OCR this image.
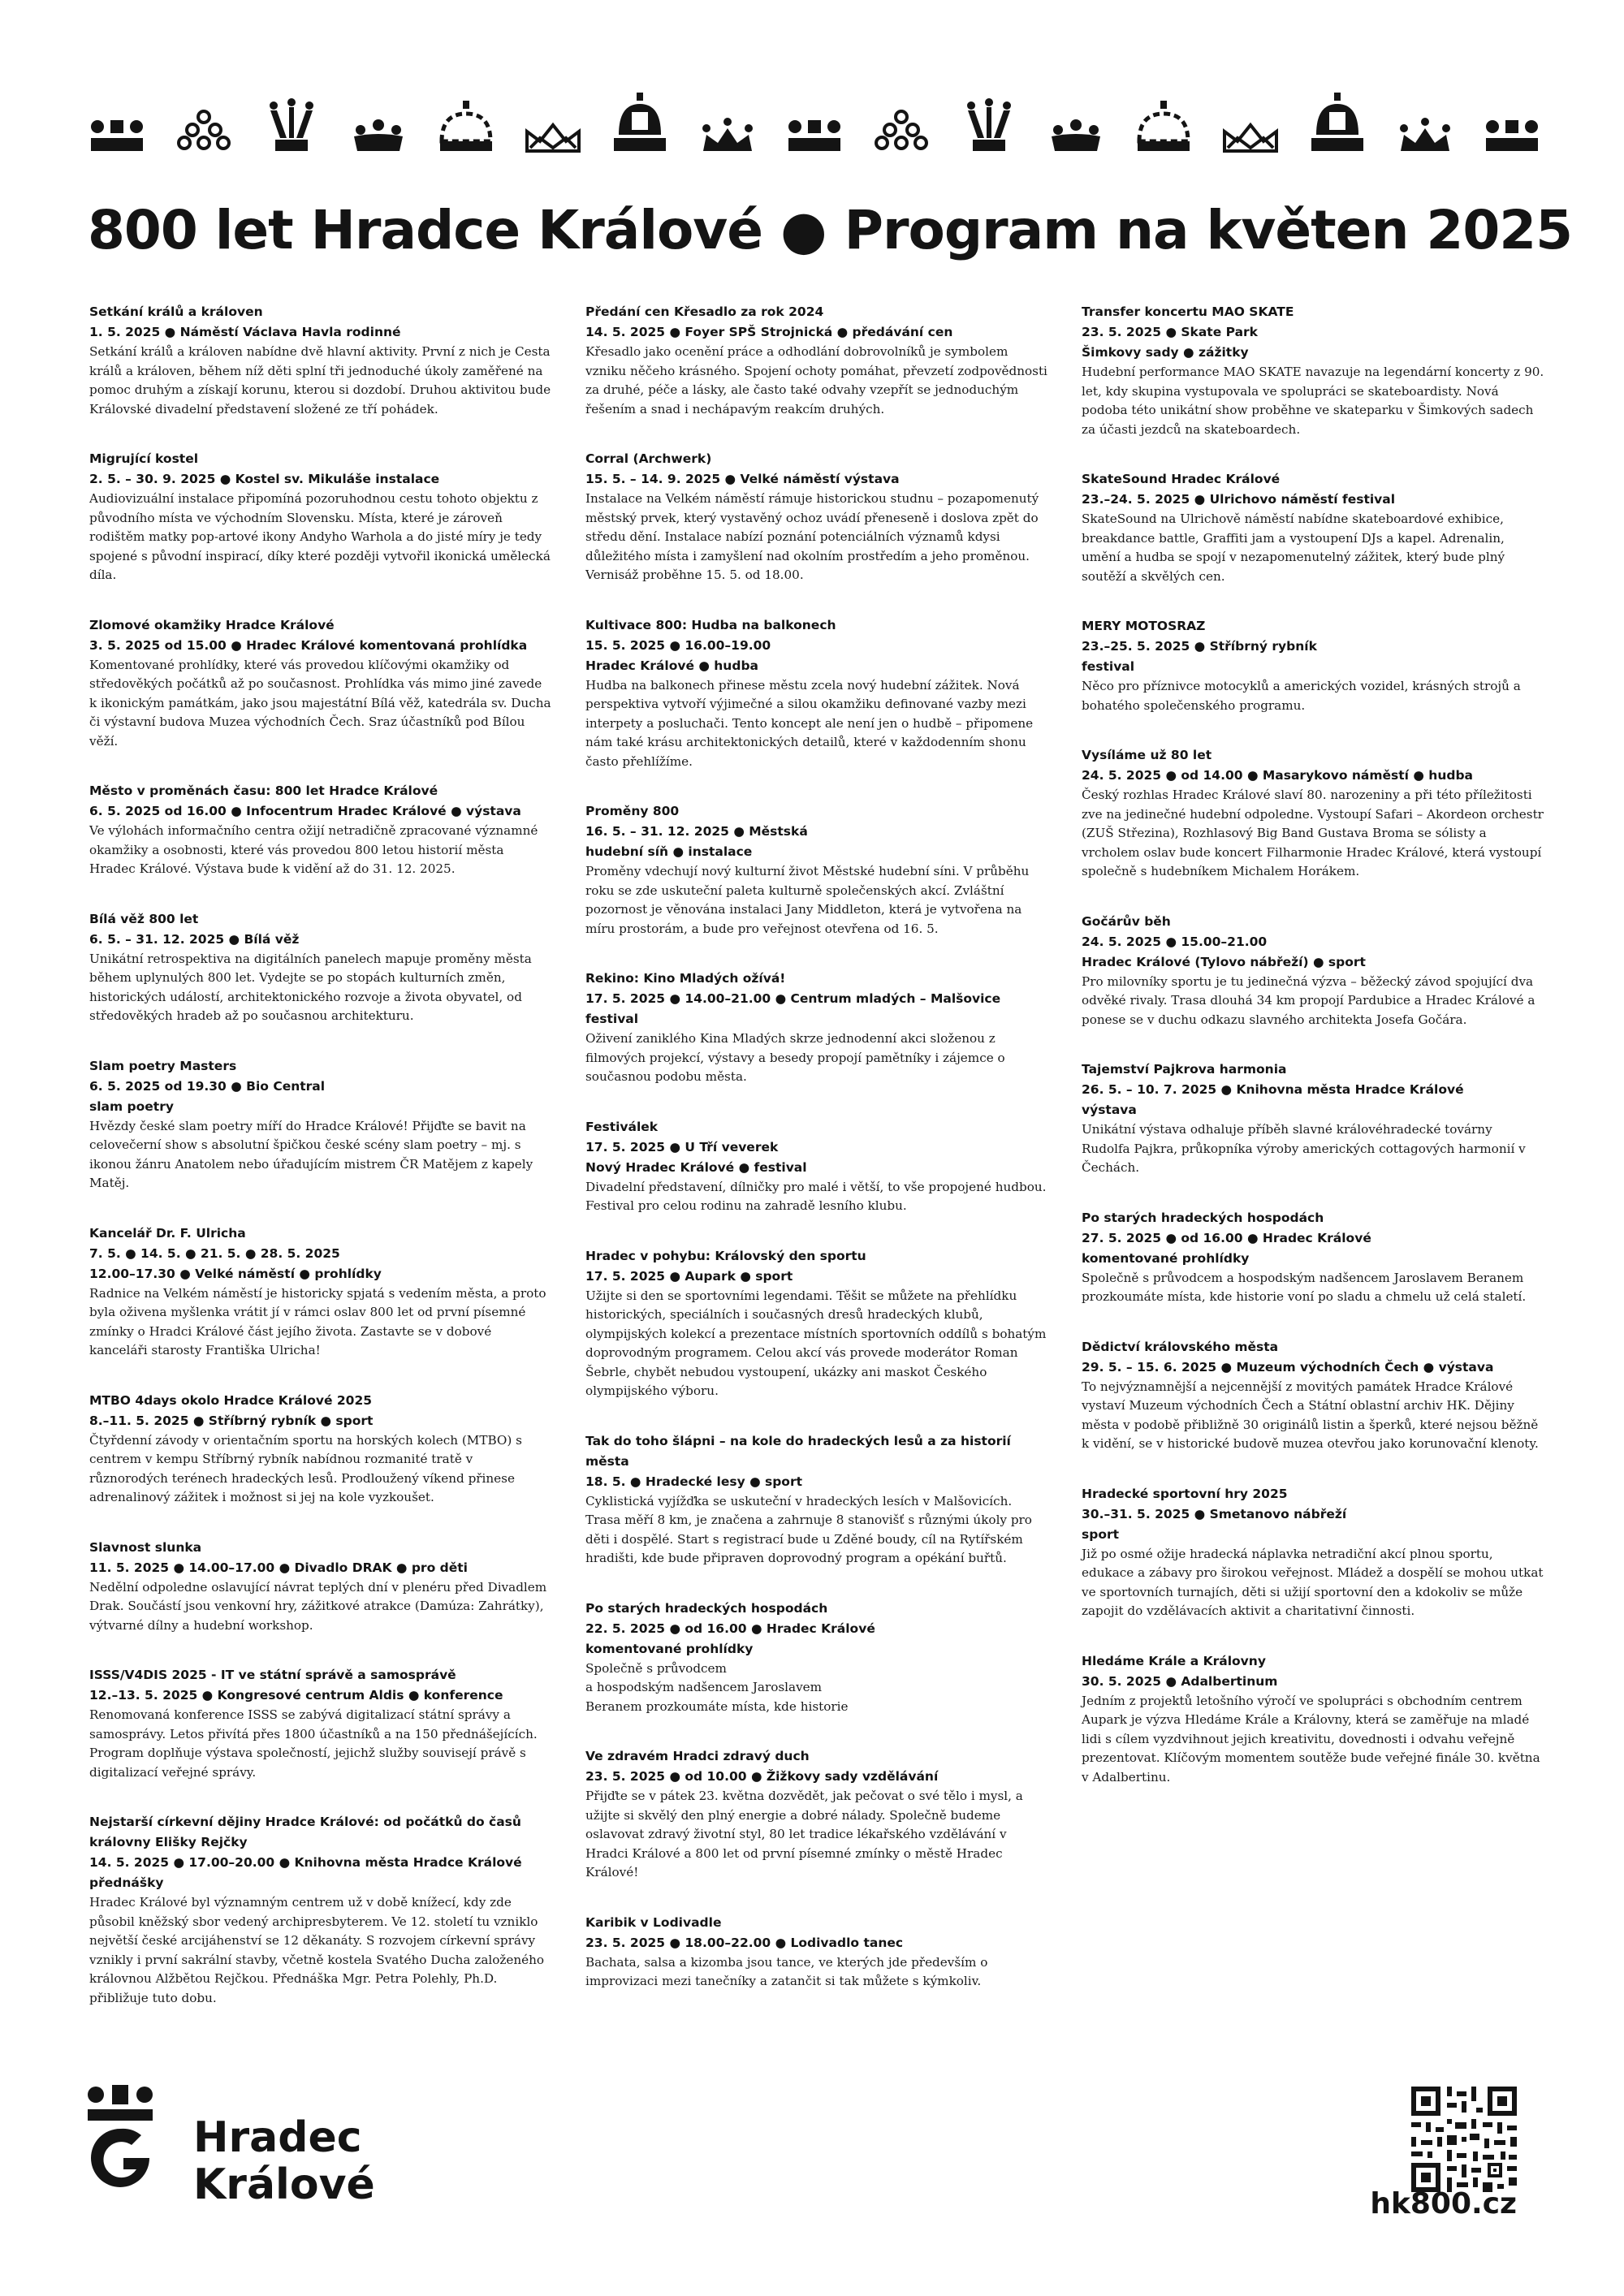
800 let Hradce Králové ● Program na květen 2025
Setkání králů a královen
1. 5. 2025 ● Náměstí Václava Havla rodinné
Setkání králů a královen nabídne dvě hlavní aktivity. První z nich je Cesta králů a královen, během níž děti splní tři jednoduché úkoly zaměřené na pomoc druhým a získají korunu, kterou si dozdobí. Druhou aktivitou bude Královské divadelní představení složené ze tří pohádek.
Migrující kostel
2. 5. – 30. 9. 2025 ● Kostel sv. Mikuláše instalace
Audiovizuální instalace připomíná pozoruhodnou cestu tohoto objektu z původního místa ve východním Slovensku. Místa, které je zároveň rodištěm matky pop-artové ikony Andyho Warhola a do jisté míry je tedy spojené s původní inspirací, díky které později vytvořil ikonická umělecká díla.
Zlomové okamžiky Hradce Králové
3. 5. 2025 od 15.00 ● Hradec Králové komentovaná prohlídka
Komentované prohlídky, které vás provedou klíčovými okamžiky od středověkých počátků až po současnost. Prohlídka vás mimo jiné zavede k ikonickým památkám, jako jsou majestátní Bílá věž, katedrála sv. Ducha či výstavní budova Muzea východních Čech. Sraz účastníků pod Bílou věží.
Město v proměnách času: 800 let Hradce Králové
6. 5. 2025 od 16.00 ● Infocentrum Hradec Králové ● výstava
Ve výlohách informačního centra ožijí netradičně zpracované významné okamžiky a osobnosti, které vás provedou 800 letou historií města Hradec Králové. Výstava bude k vidění až do 31. 12. 2025.
Bílá věž 800 let
6. 5. – 31. 12. 2025 ● Bílá věž
Unikátní retrospektiva na digitálních panelech mapuje proměny města během uplynulých 800 let. Vydejte se po stopách kulturních změn, historických událostí, architektonického rozvoje a života obyvatel, od středověkých hradeb až po současnou architekturu.
Slam poetry Masters
6. 5. 2025 od 19.30 ● Bio Central
slam poetry
Hvězdy české slam poetry míří do Hradce Králové! Přijďte se bavit na celovečerní show s absolutní špičkou české scény slam poetry – mj. s ikonou žánru Anatolem nebo úřadujícím mistrem ČR Matějem z kapely Matěj.
Kancelář Dr. F. Ulricha
7. 5. ● 14. 5. ● 21. 5. ● 28. 5. 2025
12.00–17.30 ● Velké náměstí ● prohlídky
Radnice na Velkém náměstí je historicky spjatá s vedením města, a proto byla oživena myšlenka vrátit jí v rámci oslav 800 let od první písemné zmínky o Hradci Králové část jejího života. Zastavte se v dobové kanceláři starosty Františka Ulricha!
MTBO 4days okolo Hradce Králové 2025
8.–11. 5. 2025 ● Stříbrný rybník ● sport
Čtyřdenní závody v orientačním sportu na horských kolech (MTBO) s centrem v kempu Stříbrný rybník nabídnou rozmanité tratě v různorodých terénech hradeckých lesů. Prodloužený víkend přinese adrenalinový zážitek i možnost si jej na kole vyzkoušet.
Slavnost slunka
11. 5. 2025 ● 14.00–17.00 ● Divadlo DRAK ● pro děti
Nedělní odpoledne oslavující návrat teplých dní v plenéru před Divadlem Drak. Součástí jsou venkovní hry, zážitkové atrakce (Damúza: Zahrátky), výtvarné dílny a hudební workshop.
ISSS/V4DIS 2025 - IT ve státní správě a samosprávě
12.–13. 5. 2025 ● Kongresové centrum Aldis ● konference
Renomovaná konference ISSS se zabývá digitalizací státní správy a samosprávy. Letos přivítá přes 1800 účastníků a na 150 přednášejících. Program doplňuje výstava společností, jejichž služby souvisejí právě s digitalizací veřejné správy.
Nejstarší církevní dějiny Hradce Králové: od počátků do časů královny Elišky Rejčky
14. 5. 2025 ● 17.00–20.00 ● Knihovna města Hradce Králové
přednášky
Hradec Králové byl významným centrem už v době knížecí, kdy zde působil kněžský sbor vedený archipresbyterem. Ve 12. století tu vzniklo největší české arcijáhenství se 12 děkanáty. S rozvojem církevní správy vznikly i první sakrální stavby, včetně kostela Svatého Ducha založeného královnou Alžbětou Rejčkou. Přednáška Mgr. Petra Polehly, Ph.D. přibližuje tuto dobu.
Předání cen Křesadlo za rok 2024
14. 5. 2025 ● Foyer SPŠ Strojnická ● předávání cen
Křesadlo jako ocenění práce a odhodlání dobrovolníků je symbolem vzniku něčeho krásného. Spojení ochoty pomáhat, převzetí zodpovědnosti za druhé, péče a lásky, ale často také odvahy vzepřít se jednoduchým řešením a snad i nechápavým reakcím druhých.
Corral (Archwerk)
15. 5. – 14. 9. 2025 ● Velké náměstí výstava
Instalace na Velkém náměstí rámuje historickou studnu – pozapomenutý městský prvek, který vystavěný ochoz uvádí přeneseně i doslova zpět do středu dění. Instalace nabízí poznání potenciálních významů kdysi důležitého místa i zamyšlení nad okolním prostředím a jeho proměnou. Vernisáž proběhne 15. 5. od 18.00.
Kultivace 800: Hudba na balkonech
15. 5. 2025 ● 16.00–19.00
Hradec Králové ● hudba
Hudba na balkonech přinese městu zcela nový hudební zážitek. Nová perspektiva vytvoří výjimečné a silou okamžiku definované vazby mezi interpety a posluchači. Tento koncept ale není jen o hudbě – připomene nám také krásu architektonických detailů, které v každodenním shonu často přehlížíme.
Proměny 800
16. 5. – 31. 12. 2025 ● Městská
hudební síň ● instalace
Proměny vdechují nový kulturní život Městské hudební síni. V průběhu roku se zde uskuteční paleta kulturně společenských akcí. Zvláštní pozornost je věnována instalaci Jany Middleton, která je vytvořena na míru prostorám, a bude pro veřejnost otevřena od 16. 5.
Rekino: Kino Mladých ožívá!
17. 5. 2025 ● 14.00–21.00 ● Centrum mladých – Malšovice
festival
Oživení zaniklého Kina Mladých skrze jednodenní akci složenou z filmových projekcí, výstavy a besedy propojí pamětníky i zájemce o současnou podobu města.
Festiválek
17. 5. 2025 ● U Tří veverek
Nový Hradec Králové ● festival
Divadelní představení, dílničky pro malé i větší, to vše propojené hudbou. Festival pro celou rodinu na zahradě lesního klubu.
Hradec v pohybu: Královský den sportu
17. 5. 2025 ● Aupark ● sport
Užijte si den se sportovními legendami. Těšit se můžete na přehlídku historických, speciálních i současných dresů hradeckých klubů, olympijských kolekcí a prezentace místních sportovních oddílů s bohatým doprovodným programem. Celou akcí vás provede moderátor Roman Šebrle, chybět nebudou vystoupení, ukázky ani maskot Českého olympijského výboru.
Tak do toho šlápni – na kole do hradeckých lesů a za historií města
18. 5. ● Hradecké lesy ● sport
Cyklistická vyjížďka se uskuteční v hradeckých lesích v Malšovicích. Trasa měří 8 km, je značena a zahrnuje 8 stanovišť s různými úkoly pro děti i dospělé. Start s registrací bude u Zděné boudy, cíl na Rytířském hradišti, kde bude připraven doprovodný program a opékání buřtů.
Po starých hradeckých hospodách
22. 5. 2025 ● od 16.00 ● Hradec Králové
komentované prohlídky
Společně s průvodcem
a hospodským nadšencem Jaroslavem
Beranem prozkoumáte místa, kde historie
Ve zdravém Hradci zdravý duch
23. 5. 2025 ● od 10.00 ● Žižkovy sady vzdělávání
Přijďte se v pátek 23. května dozvědět, jak pečovat o své tělo i mysl, a užijte si skvělý den plný energie a dobré nálady. Společně budeme oslavovat zdravý životní styl, 80 let tradice lékařského vzdělávání v Hradci Králové a 800 let od první písemné zmínky o městě Hradec Králové!
Karibik v Lodivadle
23. 5. 2025 ● 18.00–22.00 ● Lodivadlo tanec
Bachata, salsa a kizomba jsou tance, ve kterých jde především o improvizaci mezi tanečníky a zatančit si tak můžete s kýmkoliv.
Transfer koncertu MAO SKATE
23. 5. 2025 ● Skate Park
Šimkovy sady ● zážitky
Hudební performance MAO SKATE navazuje na legendární koncerty z 90. let, kdy skupina vystupovala ve spolupráci se skateboardisty. Nová podoba této unikátní show proběhne ve skateparku v Šimkových sadech za účasti jezdců na skateboardech.
SkateSound Hradec Králové
23.–24. 5. 2025 ● Ulrichovo náměstí festival
SkateSound na Ulrichově náměstí nabídne skateboardové exhibice, breakdance battle, Graffiti jam a vystoupení DJs a kapel. Adrenalin, umění a hudba se spojí v nezapomenutelný zážitek, který bude plný soutěží a skvělých cen.
MERY MOTOSRAZ
23.–25. 5. 2025 ● Stříbrný rybník
festival
Něco pro příznivce motocyklů a amerických vozidel, krásných strojů a bohatého společenského programu.
Vysíláme už 80 let
24. 5. 2025 ● od 14.00 ● Masarykovo náměstí ● hudba
Český rozhlas Hradec Králové slaví 80. narozeniny a při této příležitosti zve na jedinečné hudební odpoledne. Vystoupí Safari – Akordeon orchestr (ZUŠ Střezina), Rozhlasový Big Band Gustava Broma se sólisty a vrcholem oslav bude koncert Filharmonie Hradec Králové, která vystoupí společně s hudebníkem Michalem Horákem.
Gočárův běh
24. 5. 2025 ● 15.00–21.00
Hradec Králové (Tylovo nábřeží) ● sport
Pro milovníky sportu je tu jedinečná výzva – běžecký závod spojující dva odvěké rivaly. Trasa dlouhá 34 km propojí Pardubice a Hradec Králové a ponese se v duchu odkazu slavného architekta Josefa Gočára.
Tajemství Pajkrova harmonia
26. 5. – 10. 7. 2025 ● Knihovna města Hradce Králové
výstava
Unikátní výstava odhaluje příběh slavné královéhradecké továrny Rudolfa Pajkra, průkopníka výroby amerických cottagových harmonií v Čechách.
Po starých hradeckých hospodách
27. 5. 2025 ● od 16.00 ● Hradec Králové
komentované prohlídky
Společně s průvodcem a hospodským nadšencem Jaroslavem Beranem prozkoumáte místa, kde historie voní po sladu a chmelu už celá staletí.
Dědictví královského města
29. 5. – 15. 6. 2025 ● Muzeum východních Čech ● výstava
To nejvýznamnější a nejcennější z movitých památek Hradce Králové vystaví Muzeum východních Čech a Státní oblastní archiv HK. Dějiny města v podobě přibližně 30 originálů listin a šperků, které nejsou běžně k vidění, se v historické budově muzea otevřou jako korunovační klenoty.
Hradecké sportovní hry 2025
30.–31. 5. 2025 ● Smetanovo nábřeží
sport
Již po osmé ožije hradecká náplavka netradiční akcí plnou sportu, edukace a zábavy pro širokou veřejnost. Mládež a dospělí se mohou utkat ve sportovních turnajích, děti si užijí sportovní den a kdokoliv se může zapojit do vzdělávacích aktivit a charitativní činnosti.
Hledáme Krále a Královny
30. 5. 2025 ● Adalbertinum
Jedním z projektů letošního výročí ve spolupráci s obchodním centrem Aupark je výzva Hledáme Krále a Královny, která se zaměřuje na mladé lidi s cílem vyzdvihnout jejich kreativitu, dovednosti i odvahu veřejně prezentovat. Klíčovým momentem soutěže bude veřejné finále 30. května v Adalbertinu.
Hradec
Králové	hk800.cz
